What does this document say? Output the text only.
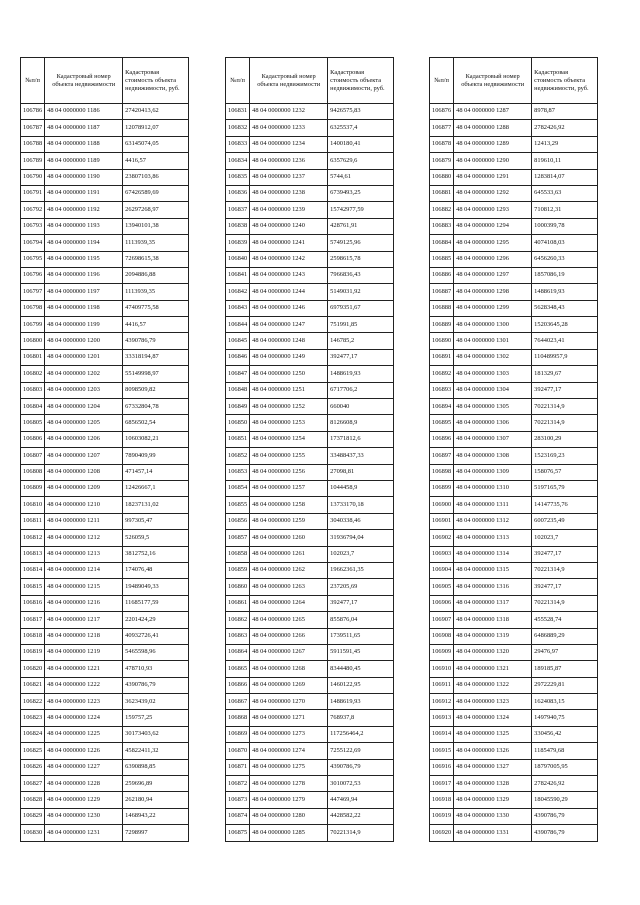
№п/п	Кадастровый номер объекта недвижимости	Кадастровая стоимость объекта недвижимости, руб.
106786	48 04 0000000 1186	27420413,62
106787	48 04 0000000 1187	12078912,07
106788	48 04 0000000 1188	63145074,05
106789	48 04 0000000 1189	4416,57
106790	48 04 0000000 1190	23807103,86
106791	48 04 0000000 1191	67426589,69
106792	48 04 0000000 1192	26297268,97
106793	48 04 0000000 1193	13940101,38
106794	48 04 0000000 1194	1113939,35
106795	48 04 0000000 1195	72698615,38
106796	48 04 0000000 1196	2094886,88
106797	48 04 0000000 1197	1113939,35
106798	48 04 0000000 1198	47409775,58
106799	48 04 0000000 1199	4416,57
106800	48 04 0000000 1200	4390786,79
106801	48 04 0000000 1201	33318194,87
106802	48 04 0000000 1202	55149998,97
106803	48 04 0000000 1203	8098509,82
106804	48 04 0000000 1204	67332804,78
106805	48 04 0000000 1205	6856502,54
106806	48 04 0000000 1206	10603082,21
106807	48 04 0000000 1207	7890409,99
106808	48 04 0000000 1208	471457,14
106809	48 04 0000000 1209	12426667,1
106810	48 04 0000000 1210	18237131,02
106811	48 04 0000000 1211	997305,47
106812	48 04 0000000 1212	526059,5
106813	48 04 0000000 1213	3812752,16
106814	48 04 0000000 1214	174076,48
106815	48 04 0000000 1215	19489049,33
106816	48 04 0000000 1216	11685177,59
106817	48 04 0000000 1217	2201424,29
106818	48 04 0000000 1218	40932726,41
106819	48 04 0000000 1219	5465598,96
106820	48 04 0000000 1221	478710,93
106821	48 04 0000000 1222	4390786,79
106822	48 04 0000000 1223	3623439,02
106823	48 04 0000000 1224	159757,25
106824	48 04 0000000 1225	30173403,62
106825	48 04 0000000 1226	45822411,32
106826	48 04 0000000 1227	6390898,85
106827	48 04 0000000 1228	259696,89
106828	48 04 0000000 1229	262180,94
106829	48 04 0000000 1230	1468943,22
106830	48 04 0000000 1231	7298997
№п/п	Кадастровый номер объекта недвижимости	Кадастровая стоимость объекта недвижимости, руб.
106831	48 04 0000000 1232	9426575,83
106832	48 04 0000000 1233	6325537,4
106833	48 04 0000000 1234	1400180,41
106834	48 04 0000000 1236	6357629,6
106835	48 04 0000000 1237	5744,61
106836	48 04 0000000 1238	6739493,25
106837	48 04 0000000 1239	15742977,59
106838	48 04 0000000 1240	428761,91
106839	48 04 0000000 1241	5749125,96
106840	48 04 0000000 1242	2598615,78
106841	48 04 0000000 1243	7966836,43
106842	48 04 0000000 1244	5149031,92
106843	48 04 0000000 1246	6979351,67
106844	48 04 0000000 1247	751991,85
106845	48 04 0000000 1248	146785,2
106846	48 04 0000000 1249	392477,17
106847	48 04 0000000 1250	1488619,93
106848	48 04 0000000 1251	6717706,2
106849	48 04 0000000 1252	660040
106850	48 04 0000000 1253	8126608,9
106851	48 04 0000000 1254	17371812,6
106852	48 04 0000000 1255	33488437,33
106853	48 04 0000000 1256	27098,81
106854	48 04 0000000 1257	1044458,9
106855	48 04 0000000 1258	13733170,18
106856	48 04 0000000 1259	3040338,46
106857	48 04 0000000 1260	31936794,04
106858	48 04 0000000 1261	102023,7
106859	48 04 0000000 1262	19662361,35
106860	48 04 0000000 1263	237205,69
106861	48 04 0000000 1264	392477,17
106862	48 04 0000000 1265	855876,04
106863	48 04 0000000 1266	1739511,65
106864	48 04 0000000 1267	5911591,45
106865	48 04 0000000 1268	8344480,45
106866	48 04 0000000 1269	1460122,95
106867	48 04 0000000 1270	1488619,93
106868	48 04 0000000 1271	768937,8
106869	48 04 0000000 1273	117256464,2
106870	48 04 0000000 1274	7255122,69
106871	48 04 0000000 1275	4390786,79
106872	48 04 0000000 1278	3010072,53
106873	48 04 0000000 1279	447469,94
106874	48 04 0000000 1280	4428582,22
106875	48 04 0000000 1285	70221314,9
№п/п	Кадастровый номер объекта недвижимости	Кадастровая стоимость объекта недвижимости, руб.
106876	48 04 0000000 1287	8978,87
106877	48 04 0000000 1288	2782426,92
106878	48 04 0000000 1289	12413,29
106879	48 04 0000000 1290	819610,11
106880	48 04 0000000 1291	1283814,07
106881	48 04 0000000 1292	645533,63
106882	48 04 0000000 1293	710812,31
106883	48 04 0000000 1294	1000399,78
106884	48 04 0000000 1295	4074108,03
106885	48 04 0000000 1296	6456260,33
106886	48 04 0000000 1297	1857086,19
106887	48 04 0000000 1298	1488619,93
106888	48 04 0000000 1299	5628348,43
106889	48 04 0000000 1300	15203645,28
106890	48 04 0000000 1301	7644023,41
106891	48 04 0000000 1302	110489957,9
106892	48 04 0000000 1303	181329,67
106893	48 04 0000000 1304	392477,17
106894	48 04 0000000 1305	70221314,9
106895	48 04 0000000 1306	70221314,9
106896	48 04 0000000 1307	283100,29
106897	48 04 0000000 1308	1523169,23
106898	48 04 0000000 1309	158076,57
106899	48 04 0000000 1310	5197165,79
106900	48 04 0000000 1311	14147735,76
106901	48 04 0000000 1312	6007235,49
106902	48 04 0000000 1313	102023,7
106903	48 04 0000000 1314	392477,17
106904	48 04 0000000 1315	70221314,9
106905	48 04 0000000 1316	392477,17
106906	48 04 0000000 1317	70221314,9
106907	48 04 0000000 1318	455528,74
106908	48 04 0000000 1319	6486889,29
106909	48 04 0000000 1320	29476,97
106910	48 04 0000000 1321	189185,87
106911	48 04 0000000 1322	2972229,81
106912	48 04 0000000 1323	1624083,15
106913	48 04 0000000 1324	1497940,75
106914	48 04 0000000 1325	330456,42
106915	48 04 0000000 1326	1185479,68
106916	48 04 0000000 1327	18797005,95
106917	48 04 0000000 1328	2782426,92
106918	48 04 0000000 1329	18045590,29
106919	48 04 0000000 1330	4390786,79
106920	48 04 0000000 1331	4390786,79
